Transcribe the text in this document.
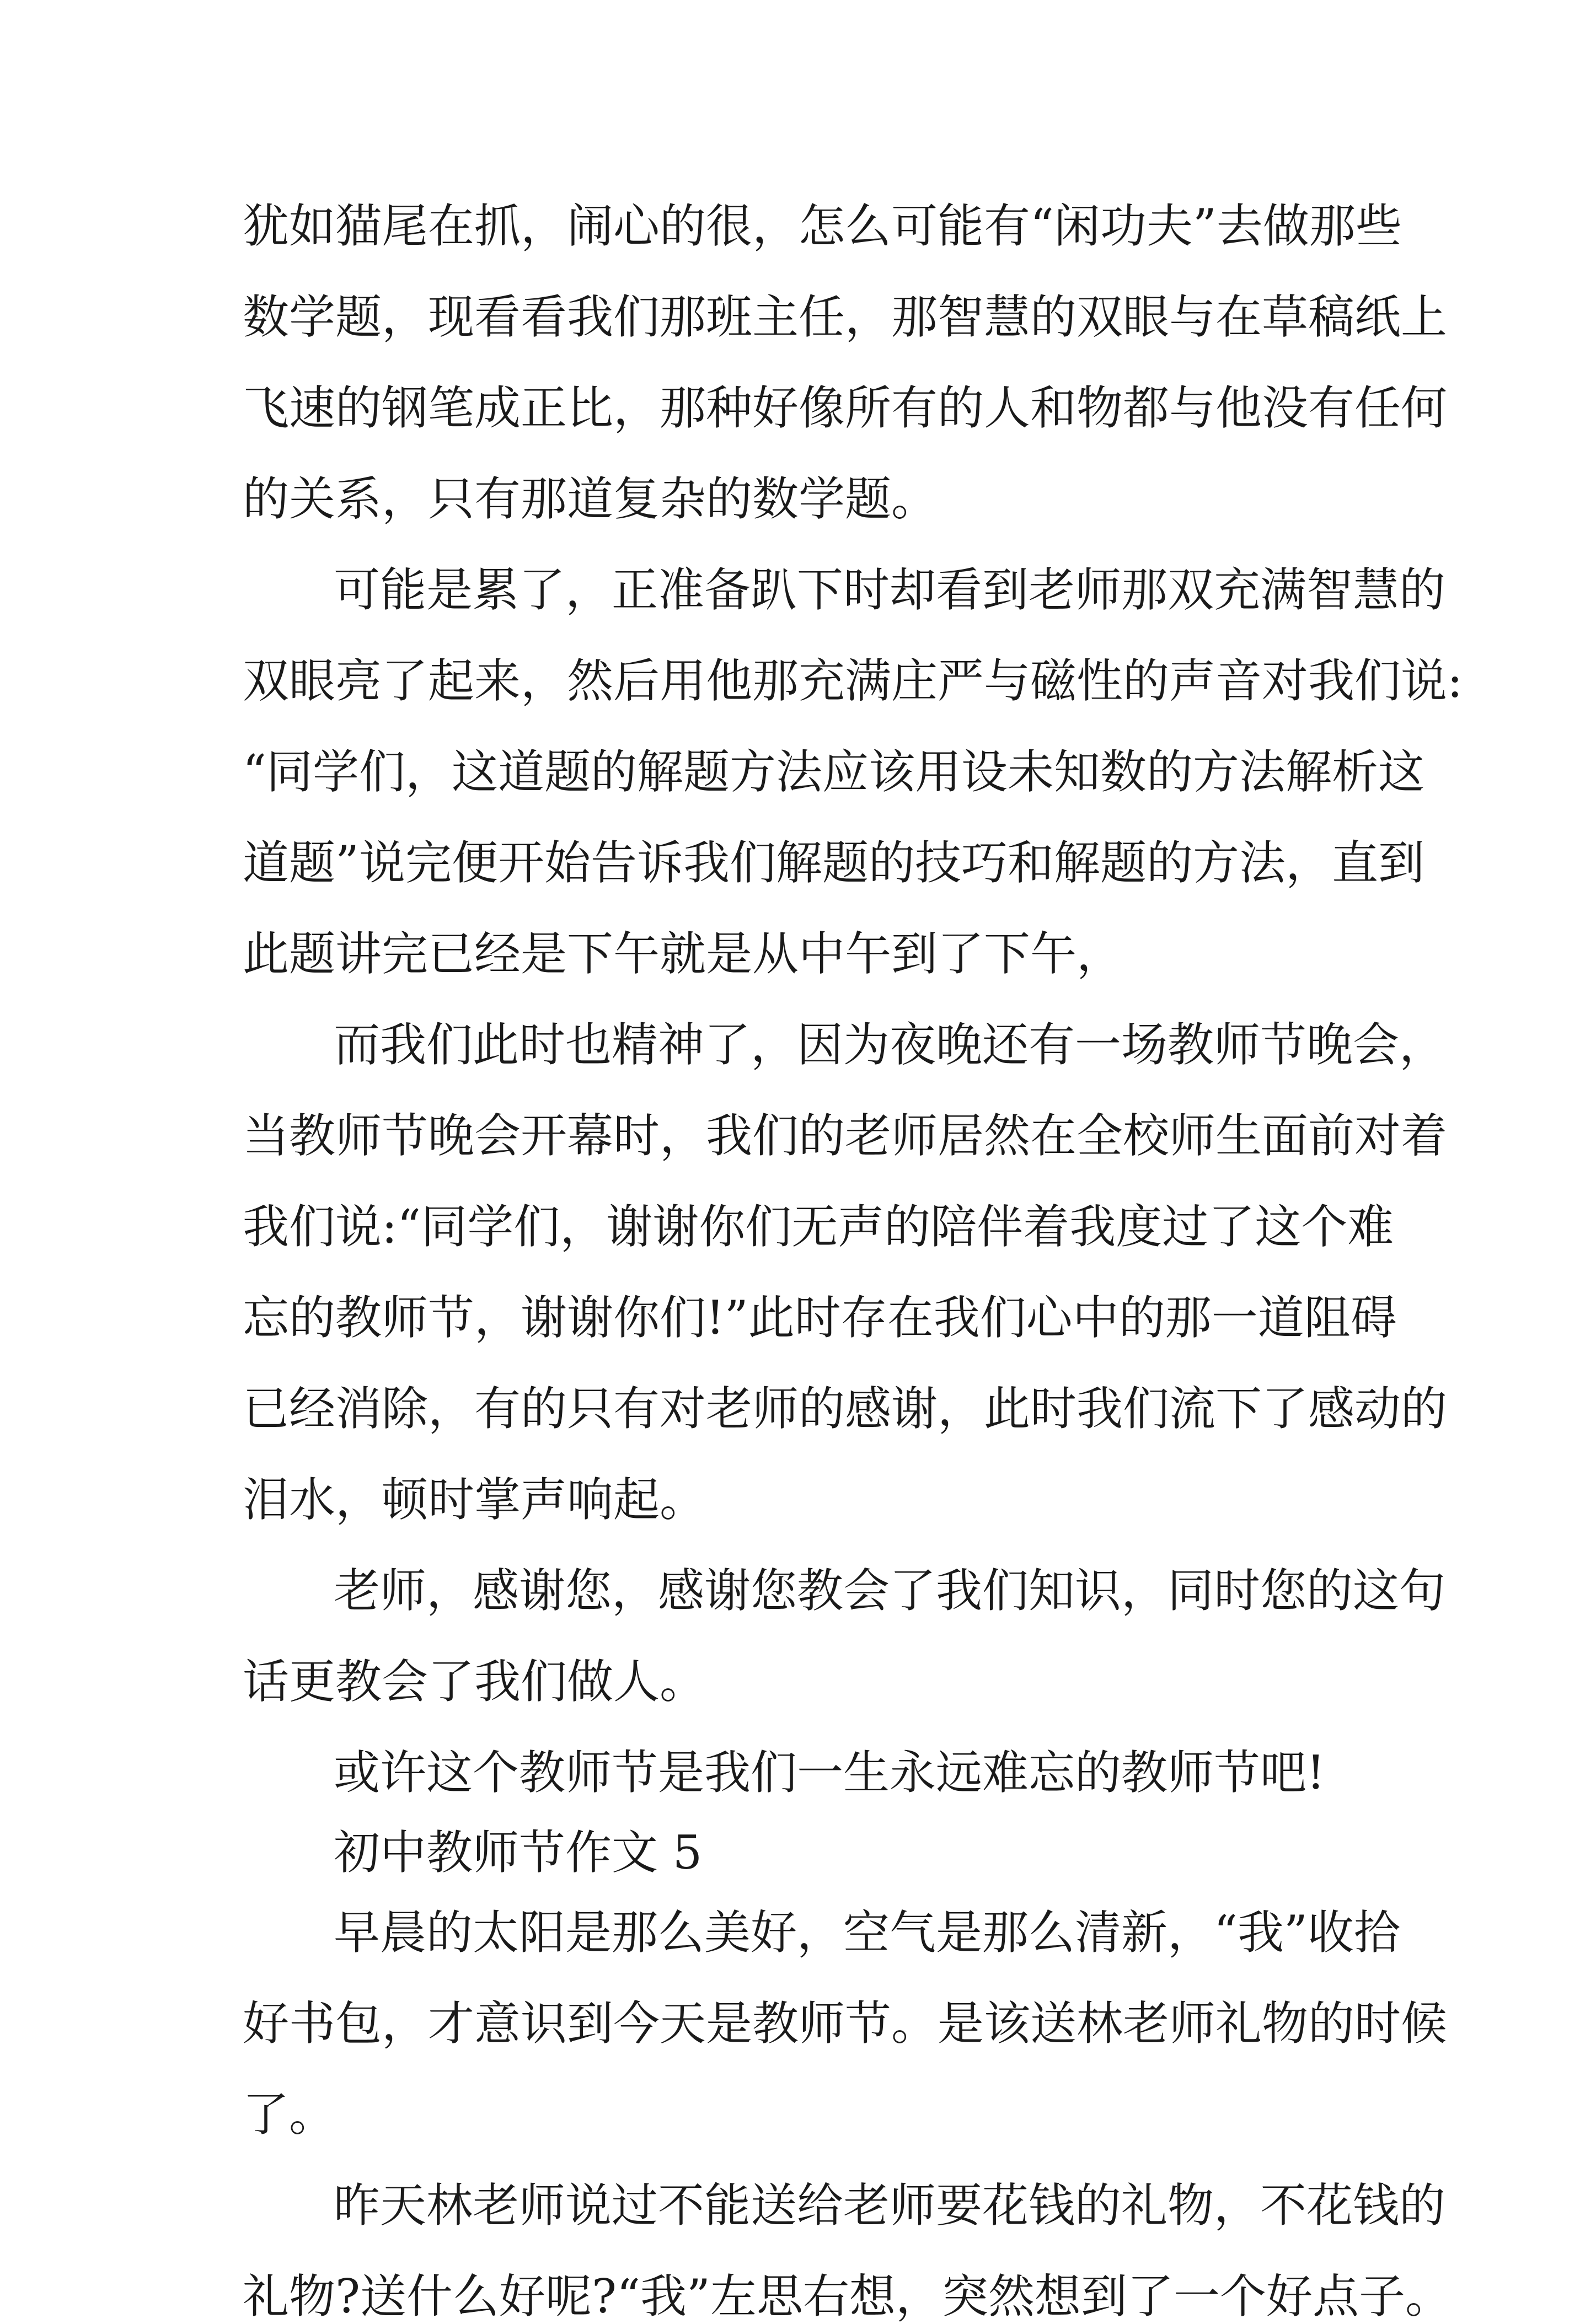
犹如猫尾在抓，闹心的很，怎么可能有“闲功夫”去做那些
数学题，现看看我们那班主任，那智慧的双眼与在草稿纸上
飞速的钢笔成正比，那种好像所有的人和物都与他没有任何
的关系，只有那道复杂的数学题。
可能是累了，正准备趴下时却看到老师那双充满智慧的
双眼亮了起来，然后用他那充满庄严与磁性的声音对我们说:
“同学们，这道题的解题方法应该用设未知数的方法解析这
道题”说完便开始告诉我们解题的技巧和解题的方法，直到
此题讲完已经是下午就是从中午到了下午，
而我们此时也精神了，因为夜晚还有一场教师节晚会，
当教师节晚会开幕时，我们的老师居然在全校师生面前对着
我们说:“同学们，谢谢你们无声的陪伴着我度过了这个难
忘的教师节，谢谢你们!”此时存在我们心中的那一道阻碍
已经消除，有的只有对老师的感谢，此时我们流下了感动的
泪水，顿时掌声响起。
老师，感谢您，感谢您教会了我们知识，同时您的这句
话更教会了我们做人。
或许这个教师节是我们一生永远难忘的教师节吧!
初中教师节作文 5
早晨的太阳是那么美好，空气是那么清新，“我”收拾
好书包，才意识到今天是教师节。是该送林老师礼物的时候
了。
昨天林老师说过不能送给老师要花钱的礼物，不花钱的
礼物?送什么好呢?“我”左思右想，突然想到了一个好点子。
